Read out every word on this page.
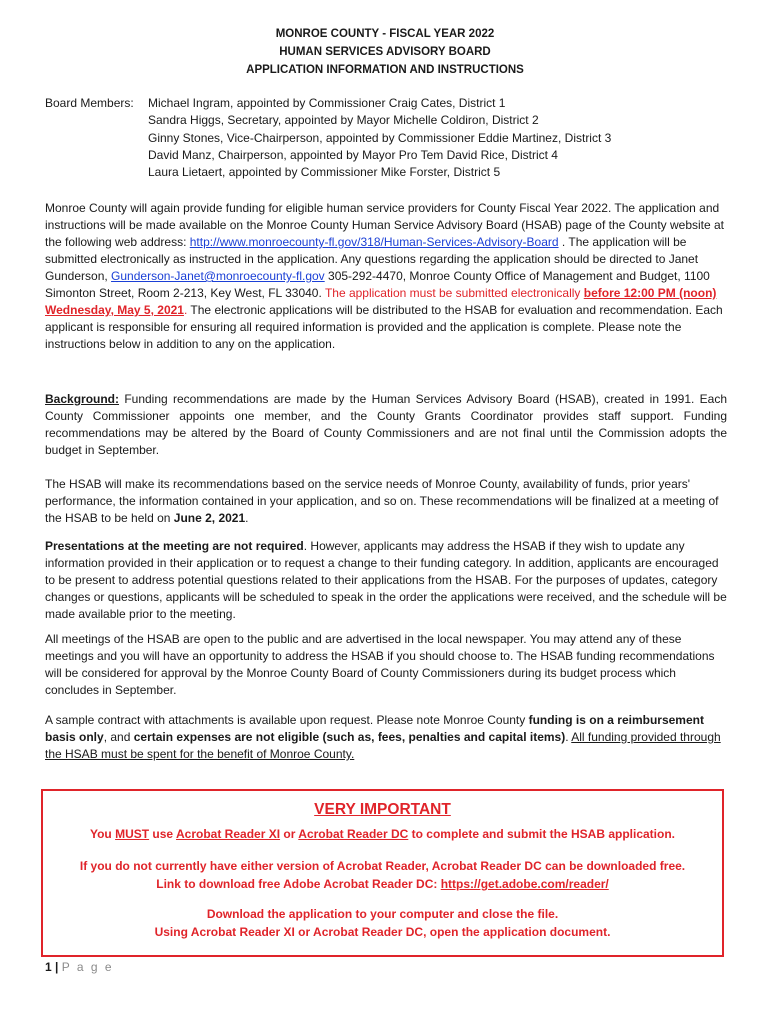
MONROE COUNTY - FISCAL YEAR 2022
HUMAN SERVICES ADVISORY BOARD
APPLICATION INFORMATION AND INSTRUCTIONS
Board Members: Michael Ingram, appointed by Commissioner Craig Cates, District 1
Sandra Higgs, Secretary, appointed by Mayor Michelle Coldiron, District 2
Ginny Stones, Vice-Chairperson, appointed by Commissioner Eddie Martinez, District 3
David Manz, Chairperson, appointed by Mayor Pro Tem David Rice, District 4
Laura Lietaert, appointed by Commissioner Mike Forster, District 5

Monroe County will again provide funding for eligible human service providers for County Fiscal Year 2022. The application and instructions will be made available on the Monroe County Human Service Advisory Board (HSAB) page of the County website at the following web address: http://www.monroecounty-fl.gov/318/Human-Services-Advisory-Board . The application will be submitted electronically as instructed in the application. Any questions regarding the application should be directed to Janet Gunderson, Gunderson-Janet@monroecounty-fl.gov 305-292-4470, Monroe County Office of Management and Budget, 1100 Simonton Street, Room 2-213, Key West, FL 33040. The application must be submitted electronically before 12:00 PM (noon) Wednesday, May 5, 2021. The electronic applications will be distributed to the HSAB for evaluation and recommendation. Each applicant is responsible for ensuring all required information is provided and the application is complete. Please note the instructions below in addition to any on the application.

Background: Funding recommendations are made by the Human Services Advisory Board (HSAB), created in 1991. Each County Commissioner appoints one member, and the County Grants Coordinator provides staff support. Funding recommendations may be altered by the Board of County Commissioners and are not final until the Commission adopts the budget in September.

The HSAB will make its recommendations based on the service needs of Monroe County, availability of funds, prior years' performance, the information contained in your application, and so on. These recommendations will be finalized at a meeting of the HSAB to be held on June 2, 2021.

Presentations at the meeting are not required. However, applicants may address the HSAB if they wish to update any information provided in their application or to request a change to their funding category. In addition, applicants are encouraged to be present to address potential questions related to their applications from the HSAB. For the purposes of updates, category changes or questions, applicants will be scheduled to speak in the order the applications were received, and the schedule will be made available prior to the meeting.

All meetings of the HSAB are open to the public and are advertised in the local newspaper. You may attend any of these meetings and you will have an opportunity to address the HSAB if you should choose to. The HSAB funding recommendations will be considered for approval by the Monroe County Board of County Commissioners during its budget process which concludes in September.

A sample contract with attachments is available upon request. Please note Monroe County funding is on a reimbursement basis only, and certain expenses are not eligible (such as, fees, penalties and capital items). All funding provided through the HSAB must be spent for the benefit of Monroe County.

VERY IMPORTANT
You MUST use Acrobat Reader XI or Acrobat Reader DC to complete and submit the HSAB application.
If you do not currently have either version of Acrobat Reader, Acrobat Reader DC can be downloaded free.
Link to download free Adobe Acrobat Reader DC: https://get.adobe.com/reader/
Download the application to your computer and close the file.
Using Acrobat Reader XI or Acrobat Reader DC, open the application document.
1 | P a g e
